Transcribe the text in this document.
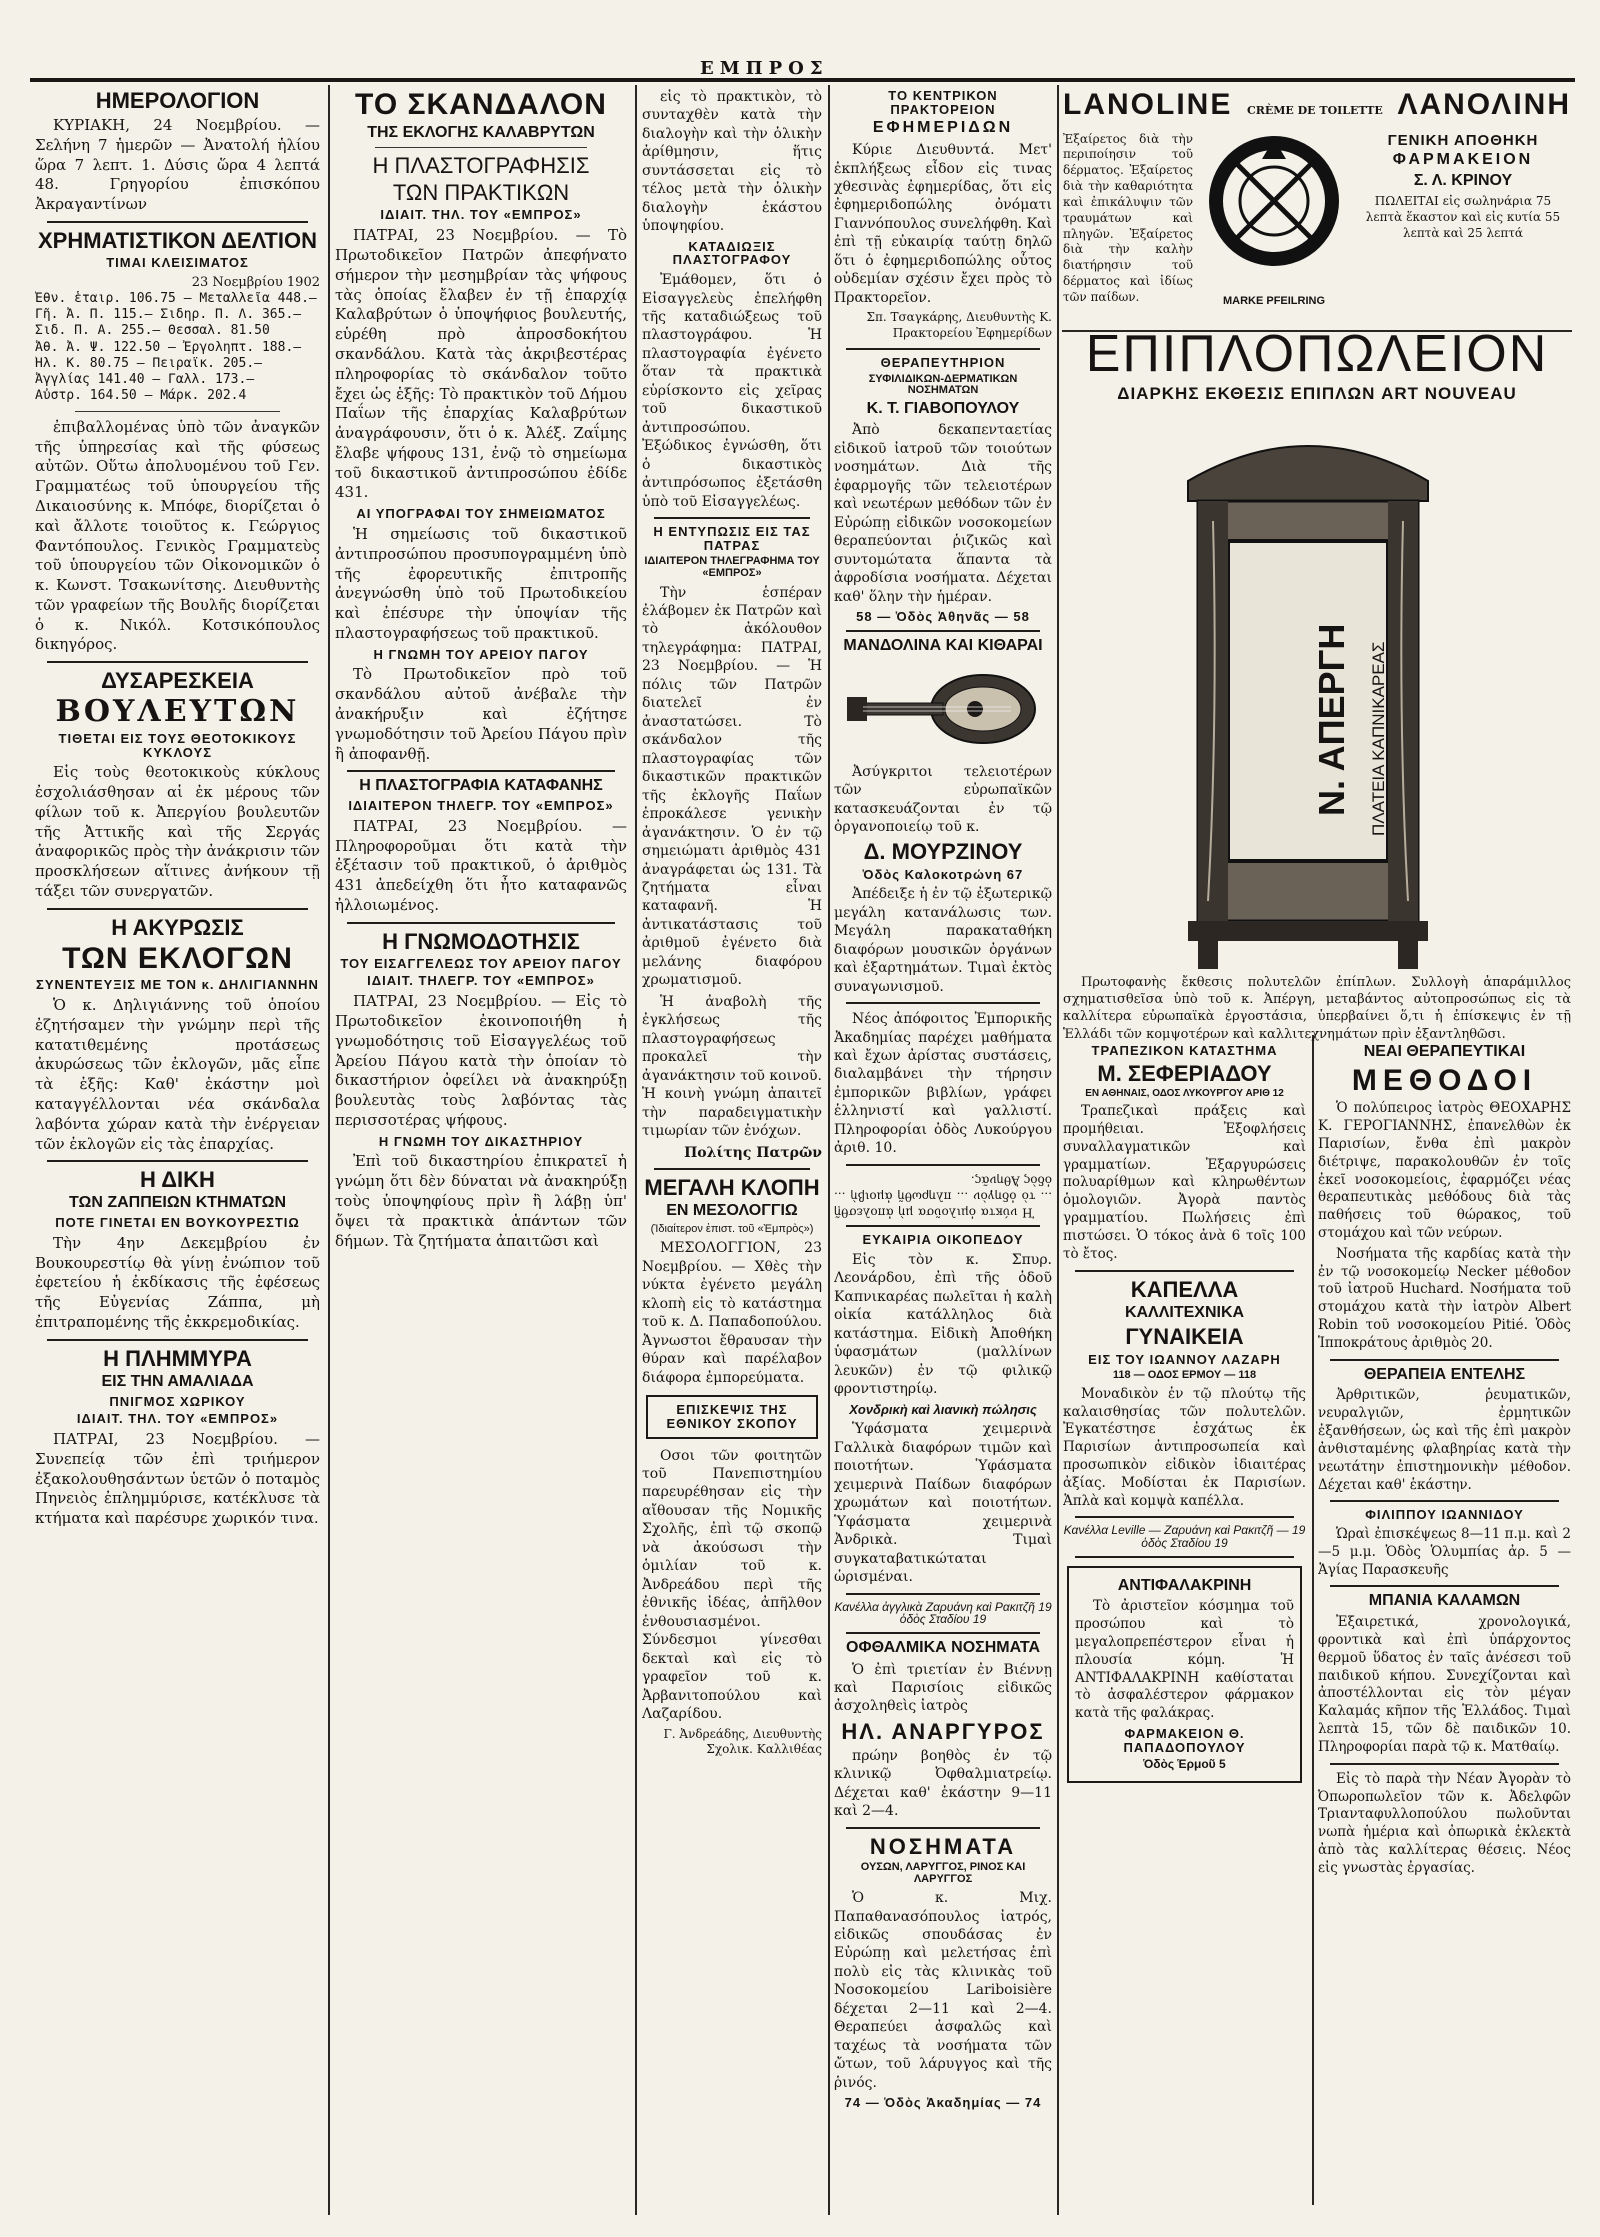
ΕΜΠΡΟΣ
ΗΜΕΡΟΛΟΓΙΟΝ

ΚΥΡΙΑΚΗ, 24 Νοεμβρίου. — Σελήνη 7 ἡμερῶν — Ἀνατολή ἡλίου ὥρα 7 λεπτ. 1. Δύσις ὥρα 4 λεπτά 48. Γρηγορίου ἐπισκόπου Ἀκραγαντίνων

ΧΡΗΜΑΤΙΣΤΙΚΟΝ ΔΕΛΤΙΟΝ
ΤΙΜΑΙ ΚΛΕΙΣΙΜΑΤΟΣ
23 Νοεμβρίου 1902
Ἐθν. ἑταιρ. 106.75 — Μεταλλεῖα 448.—
Γῆ. Ἀ. Π. 115.— Σιδηρ. Π. Λ. 365.—
Σιδ. Π. Α. 255.— Θεσσαλ. 81.50
Ἀθ. Ἀ. Ψ. 122.50 — Ἐργοληπτ. 188.—
Ἠλ. Κ. 80.75 — Πειραϊκ. 205.—
Ἀγγλίας 141.40 — Γαλλ. 173.—
Αὐστρ. 164.50 — Μάρκ. 202.4

ἐπιβαλλομένας ὑπὸ τῶν ἀναγκῶν τῆς ὑπηρεσίας καὶ τῆς φύσεως αὐτῶν. Οὕτω ἀπολυομένου τοῦ Γεν. Γραμματέως τοῦ ὑπουργείου τῆς Δικαιοσύνης κ. Μπόφε, διορίζεται ὁ καὶ ἄλλοτε τοιοῦτος κ. Γεώργιος Φαντόπουλος. Γενικὸς Γραμματεὺς τοῦ ὑπουργείου τῶν Οἰκονομικῶν ὁ κ. Κωνστ. Τσακωνίτσης. Διευθυντὴς τῶν γραφείων τῆς Βουλῆς διορίζεται ὁ κ. Νικόλ. Κοτσικόπουλος δικηγόρος.

ΔΥΣΑΡΕΣΚΕΙΑ
ΒΟΥΛΕΥΤΩΝ
ΤΙΘΕΤΑΙ ΕΙΣ ΤΟΥΣ ΘΕΟΤΟΚΙΚΟΥΣ ΚΥΚΛΟΥΣ

Εἰς τοὺς θεοτοκικοὺς κύκλους ἐσχολιάσθησαν αἱ ἐκ μέρους τῶν φίλων τοῦ κ. Ἀπεργίου βουλευτῶν τῆς Ἀττικῆς καὶ τῆς Σεργάς ἀναφορικῶς πρὸς τὴν ἀνάκρισιν τῶν προσκλήσεων αἵτινες ἀνήκουν τῇ τάξει τῶν συνεργατῶν.

Η ΑΚΥΡΩΣΙΣ
ΤΩΝ ΕΚΛΟΓΩΝ
ΣΥΝΕΝΤΕΥΞΙΣ ΜΕ ΤΟΝ κ. ΔΗΛΙΓΙΑΝΝΗΝ

Ὁ κ. Δηλιγιάννης τοῦ ὁποίου ἐζητήσαμεν τὴν γνώμην περὶ τῆς κατατιθεμένης προτάσεως ἀκυρώσεως τῶν ἐκλογῶν, μᾶς εἶπε τὰ ἑξῆς: Καθ' ἑκάστην μοὶ καταγγέλλονται νέα σκάνδαλα λαβόντα χώραν κατὰ τὴν ἐνέργειαν τῶν ἐκλογῶν εἰς τὰς ἐπαρχίας.

Η ΔΙΚΗ
ΤΩΝ ΖΑΠΠΕΙΩΝ ΚΤΗΜΑΤΩΝ
ΠΟΤΕ ΓΙΝΕΤΑΙ ΕΝ ΒΟΥΚΟΥΡΕΣΤΙΩ

Τὴν 4ην Δεκεμβρίου ἐν Βουκουρεστίῳ θὰ γίνῃ ἐνώπιον τοῦ ἐφετείου ἡ ἐκδίκασις τῆς ἐφέσεως τῆς Εὐγενίας Ζάππα, μὴ ἐπιτραπομένης τῆς ἐκκρεμοδικίας.

Η ΠΛΗΜΜΥΡΑ
ΕΙΣ ΤΗΝ ΑΜΑΛΙΑΔΑ
ΠΝΙΓΜΟΣ ΧΩΡΙΚΟΥ
ΙΔΙΑΙΤ. ΤΗΛ. ΤΟΥ «ΕΜΠΡΟΣ»

ΠΑΤΡΑΙ, 23 Νοεμβρίου. — Συνεπείᾳ τῶν ἐπὶ τριήμερον ἐξακολουθησάντων ὑετῶν ὁ ποταμὸς Πηνειὸς ἐπλημμύρισε, κατέκλυσε τὰ κτήματα καὶ παρέσυρε χωρικόν τινα.

ΤΟ ΣΚΑΝΔΑΛΟΝ
ΤΗΣ ΕΚΛΟΓΗΣ ΚΑΛΑΒΡΥΤΩΝ
Η ΠΛΑΣΤΟΓΡΑΦΗΣΙΣ
ΤΩΝ ΠΡΑΚΤΙΚΩΝ
ΙΔΙΑΙΤ. ΤΗΛ. ΤΟΥ «ΕΜΠΡΟΣ»

ΠΑΤΡΑΙ, 23 Νοεμβρίου. — Τὸ Πρωτοδικεῖον Πατρῶν ἀπεφήνατο σήμερον τὴν μεσημβρίαν τὰς ψήφους τὰς ὁποίας ἔλαβεν ἐν τῇ ἐπαρχίᾳ Καλαβρύτων ὁ ὑποψήφιος βουλευτής, εὑρέθη πρὸ ἀπροσδοκήτου σκανδάλου. Κατὰ τὰς ἀκριβεστέρας πληροφορίας τὸ σκάνδαλον τοῦτο ἔχει ὡς ἑξῆς: Τὸ πρακτικὸν τοῦ Δήμου Παΐων τῆς ἐπαρχίας Καλαβρύτων ἀναγράφουσιν, ὅτι ὁ κ. Ἀλέξ. Ζαΐμης ἔλαβε ψήφους 131, ἐνῷ τὸ σημείωμα τοῦ δικαστικοῦ ἀντιπροσώπου ἐδίδε 431.

ΑΙ ΥΠΟΓΡΑΦΑΙ ΤΟΥ ΣΗΜΕΙΩΜΑΤΟΣ

Ἡ σημείωσις τοῦ δικαστικοῦ ἀντιπροσώπου προσυπογραμμένη ὑπὸ τῆς ἐφορευτικῆς ἐπιτροπῆς ἀνεγνώσθη ὑπὸ τοῦ Πρωτοδικείου καὶ ἐπέσυρε τὴν ὑποψίαν τῆς πλαστογραφήσεως τοῦ πρακτικοῦ.

Η ΓΝΩΜΗ ΤΟΥ ΑΡΕΙΟΥ ΠΑΓΟΥ

Τὸ Πρωτοδικεῖον πρὸ τοῦ σκανδάλου αὐτοῦ ἀνέβαλε τὴν ἀνακήρυξιν καὶ ἐζήτησε γνωμοδότησιν τοῦ Ἀρείου Πάγου πρὶν ἢ ἀποφανθῇ.

Η ΠΛΑΣΤΟΓΡΑΦΙΑ ΚΑΤΑΦΑΝΗΣ
ΙΔΙΑΙΤΕΡΟΝ ΤΗΛΕΓΡ. ΤΟΥ «ΕΜΠΡΟΣ»

ΠΑΤΡΑΙ, 23 Νοεμβρίου. — Πληροφοροῦμαι ὅτι κατὰ τὴν ἐξέτασιν τοῦ πρακτικοῦ, ὁ ἀριθμὸς 431 ἀπεδείχθη ὅτι ἦτο καταφανῶς ἠλλοιωμένος.

Η ΓΝΩΜΟΔΟΤΗΣΙΣ
ΤΟΥ ΕΙΣΑΓΓΕΛΕΩΣ ΤΟΥ ΑΡΕΙΟΥ ΠΑΓΟΥ
ΙΔΙΑΙΤ. ΤΗΛΕΓΡ. ΤΟΥ «ΕΜΠΡΟΣ»

ΠΑΤΡΑΙ, 23 Νοεμβρίου. — Εἰς τὸ Πρωτοδικεῖον ἐκοινοποιήθη ἡ γνωμοδότησις τοῦ Εἰσαγγελέως τοῦ Ἀρείου Πάγου κατὰ τὴν ὁποίαν τὸ δικαστήριον ὀφείλει νὰ ἀνακηρύξῃ βουλευτὰς τοὺς λαβόντας τὰς περισσοτέρας ψήφους.

Η ΓΝΩΜΗ ΤΟΥ ΔΙΚΑΣΤΗΡΙΟΥ

Ἐπὶ τοῦ δικαστηρίου ἐπικρατεῖ ἡ γνώμη ὅτι δὲν δύναται νὰ ἀνακηρύξῃ τοὺς ὑποψηφίους πρὶν ἢ λάβῃ ὑπ' ὄψει τὰ πρακτικὰ ἁπάντων τῶν δήμων. Τὰ ζητήματα ἀπαιτῶσι καὶ

εἰς τὸ πρακτικὸν, τὸ συνταχθὲν κατὰ τὴν διαλογὴν καὶ τὴν ὁλικὴν ἀρίθμησιν, ἥτις συντάσσεται εἰς τὸ τέλος μετὰ τὴν ὁλικὴν διαλογὴν ἑκάστου ὑποψηφίου.

ΚΑΤΑΔΙΩΞΙΣ ΠΛΑΣΤΟΓΡΑΦΟΥ

Ἐμάθομεν, ὅτι ὁ Εἰσαγγελεὺς ἐπελήφθη τῆς καταδιώξεως τοῦ πλαστογράφου. Ἡ πλαστογραφία ἐγένετο ὅταν τὰ πρακτικὰ εὑρίσκοντο εἰς χεῖρας τοῦ δικαστικοῦ ἀντιπροσώπου. Ἐξώδικος ἐγνώσθη, ὅτι ὁ δικαστικὸς ἀντιπρόσωπος ἐξετάσθη ὑπὸ τοῦ Εἰσαγγελέως.

Η ΕΝΤΥΠΩΣΙΣ ΕΙΣ ΤΑΣ ΠΑΤΡΑΣ
ΙΔΙΑΙΤΕΡΟΝ ΤΗΛΕΓΡΑΦΗΜΑ ΤΟΥ «ΕΜΠΡΟΣ»

Τὴν ἑσπέραν ἐλάβομεν ἐκ Πατρῶν καὶ τὸ ἀκόλουθον τηλεγράφημα: ΠΑΤΡΑΙ, 23 Νοεμβρίου. — Ἡ πόλις τῶν Πατρῶν διατελεῖ ἐν ἀναστατώσει. Τὸ σκάνδαλον τῆς πλαστογραφίας τῶν δικαστικῶν πρακτικῶν τῆς ἐκλογῆς Παΐων ἐπροκάλεσε γενικὴν ἀγανάκτησιν. Ὁ ἐν τῷ σημειώματι ἀριθμὸς 431 ἀναγράφεται ὡς 131. Τὰ ζητήματα εἶναι καταφανῆ. Ἡ ἀντικατάστασις τοῦ ἀριθμοῦ ἐγένετο διὰ μελάνης διαφόρου χρωματισμοῦ.

Ἡ ἀναβολὴ τῆς ἐγκλήσεως τῆς πλαστογραφήσεως προκαλεῖ τὴν ἀγανάκτησιν τοῦ κοινοῦ. Ἡ κοινὴ γνώμη ἀπαιτεῖ τὴν παραδειγματικὴν τιμωρίαν τῶν ἐνόχων.

Πολίτης Πατρῶν
ΜΕΓΑΛΗ ΚΛΟΠΗ
ΕΝ ΜΕΣΟΛΟΓΓΙΩ
(Ἰδιαίτερον ἐπιστ. τοῦ «Ἐμπρὸς»)

ΜΕΣΟΛΟΓΓΙΟΝ, 23 Νοεμβρίου. — Χθὲς τὴν νύκτα ἐγένετο μεγάλη κλοπὴ εἰς τὸ κατάστημα τοῦ κ. Δ. Παπαδοπούλου. Ἀγνωστοι ἔθραυσαν τὴν θύραν καὶ παρέλαβον διάφορα ἐμπορεύματα.

ΕΠΙΣΚΕΨΙΣ ΤΗΣ ΕΘΝΙΚΟΥ ΣΚΟΠΟΥ

Οσοι τῶν φοιτητῶν τοῦ Πανεπιστημίου παρευρέθησαν εἰς τὴν αἴθουσαν τῆς Νομικῆς Σχολῆς, ἐπὶ τῷ σκοπῷ νὰ ἀκούσωσι τὴν ὁμιλίαν τοῦ κ. Ἀνδρεάδου περὶ τῆς ἐθνικῆς ἰδέας, ἀπῆλθον ἐνθουσιασμένοι. Σύνδεσμοι γίνεσθαι δεκταὶ καὶ εἰς τὸ γραφεῖον τοῦ κ. Ἀρβανιτοπούλου καὶ Λαζαρίδου.

Γ. Ἀνδρεάδης, Διευθυντὴς Σχολικ. Καλλιθέας
ΤΟ ΚΕΝΤΡΙΚΟΝ ΠΡΑΚΤΟΡΕΙΟΝ
ΕΦΗΜΕΡΙΔΩΝ

Κύριε Διευθυντά. Μετ' ἐκπλήξεως εἶδον εἰς τινας χθεσινὰς ἐφημερίδας, ὅτι εἰς ἐφημεριδοπώλης ὀνόματι Γιαννόπουλος συνελήφθη. Καὶ ἐπὶ τῇ εὐκαιρίᾳ ταύτῃ δηλῶ ὅτι ὁ ἐφημεριδοπώλης οὗτος οὐδεμίαν σχέσιν ἔχει πρὸς τὸ Πρακτορεῖον.

Σπ. Τσαγκάρης, Διευθυντὴς Κ. Πρακτορείου Ἐφημερίδων
ΘΕΡΑΠΕΥΤΗΡΙΟΝ
ΣΥΦΙΛΙΔΙΚΩΝ-ΔΕΡΜΑΤΙΚΩΝ ΝΟΣΗΜΑΤΩΝ
Κ. Τ. ΓΙΑΒΟΠΟΥΛΟΥ

Ἀπὸ δεκαπενταετίας εἰδικοῦ ἰατροῦ τῶν τοιούτων νοσημάτων. Διὰ τῆς ἐφαρμογῆς τῶν τελειοτέρων καὶ νεωτέρων μεθόδων τῶν ἐν Εὐρώπῃ εἰδικῶν νοσοκομείων θεραπεύονται ῥιζικῶς καὶ συντομώτατα ἅπαντα τὰ ἀφροδίσια νοσήματα. Δέχεται καθ' ὅλην τὴν ἡμέραν.

58 — Ὁδὸς Ἀθηνᾶς — 58
ΜΑΝΔΟΛΙΝΑ ΚΑΙ ΚΙΘΑΡΑΙ

Ἀσύγκριτοι τελειοτέρων τῶν εὐρωπαϊκῶν κατασκευάζονται ἐν τῷ ὀργανοποιείῳ τοῦ κ.

Δ. ΜΟΥΡΖΙΝΟΥ
Ὁδὸς Καλοκοτρώνη 67

Ἀπέδειξε ἡ ἐν τῷ ἐξωτερικῷ μεγάλη κατανάλωσις των. Μεγάλη παρακαταθήκη διαφόρων μουσικῶν ὀργάνων καὶ ἐξαρτημάτων. Τιμαὶ ἐκτὸς συναγωνισμοῦ.

Νέος ἀπόφοιτος Ἐμπορικῆς Ἀκαδημίας παρέχει μαθήματα καὶ ἔχων ἀρίστας συστάσεις, διαλαμβάνει τὴν τήρησιν ἐμπορικῶν βιβλίων, γράφει ἑλληνιστί καὶ γαλλιστί. Πληροφορίαι ὁδὸς Λυκούργου ἀριθ. 10.

Ἡ νύκτα ὁμιλοῦσα μὴ ἀπολεσθῇ ... τὸ ὁδηγὸν ... πληρωθῆ ἀμοιβὴ ... ὁδὸς Ἀθηνᾶς.

ΕΥΚΑΙΡΙΑ ΟΙΚΟΠΕΔΟΥ

Εἰς τὸν κ. Σπυρ. Λεονάρδου, ἐπὶ τῆς ὁδοῦ Καπνικαρέας πωλεῖται ἡ καλὴ οἰκία κατάλληλος διὰ κατάστημα. Εἰδικὴ Ἀποθήκη ὑφασμάτων (μαλλίνων λευκῶν) ἐν τῷ φιλικῷ φροντιστηρίῳ.

Χονδρικὴ καὶ λιανικὴ πώλησις

Ὑφάσματα χειμερινὰ Γαλλικὰ διαφόρων τιμῶν καὶ ποιοτήτων. Ὑφάσματα χειμερινὰ Παίδων διαφόρων χρωμάτων καὶ ποιοτήτων. Ὑφάσματα χειμερινὰ Ἀνδρικὰ. Τιμαὶ συγκαταβατικώταται ὡρισμέναι.

Κανέλλα ἀγγλικὰ Ζαρυάνη καὶ Ρακιτζῆ 19 ὁδὸς Σταδίου 19
ΟΦΘΑΛΜΙΚΑ ΝΟΣΗΜΑΤΑ

Ὁ ἐπὶ τριετίαν ἐν Βιέννῃ καὶ Παρισίοις εἰδικῶς ἀσχοληθεὶς ἰατρὸς

ΗΛ. ΑΝΑΡΓΥΡΟΣ

πρώην βοηθὸς ἐν τῷ κλινικῷ Ὀφθαλμιατρείῳ. Δέχεται καθ' ἑκάστην 9—11 καὶ 2—4.

ΝΟΣΗΜΑΤΑ
ΟΥΣΩΝ, ΛΑΡΥΓΓΟΣ, ΡΙΝΟΣ ΚΑΙ ΛΑΡΥΓΓΟΣ

Ὁ κ. Μιχ. Παπαθανασόπουλος ἰατρός, εἰδικῶς σπουδάσας ἐν Εὐρώπῃ καὶ μελετήσας ἐπὶ πολὺ εἰς τὰς κλινικὰς τοῦ Νοσοκομείου Lariboisière δέχεται 2—11 καὶ 2—4. Θεραπεύει ἀσφαλῶς καὶ ταχέως τὰ νοσήματα τῶν ὤτων, τοῦ λάρυγγος καὶ τῆς ῥινός.

74 — Ὁδὸς Ἀκαδημίας — 74
LANOLINE CRÈME DE TOILETTE ΛΑΝΟΛΙΝΗ

Ἐξαίρετος διὰ τὴν περιποίησιν τοῦ δέρματος. Ἐξαίρετος διὰ τὴν καθαριότητα καὶ ἐπικάλυψιν τῶν τραυμάτων καὶ πληγῶν. Ἐξαίρετος διὰ τὴν καλὴν διατήρησιν τοῦ δέρματος καὶ ἰδίως τῶν παίδων.	MARKE PFEILRING
ΓΕΝΙΚΗ ΑΠΟΘΗΚΗ
ΦΑΡΜΑΚΕΙΟΝ
Σ. Λ. ΚΡΙΝΟΥ

ΠΩΛΕΙΤΑΙ εἰς σωληνάρια 75 λεπτὰ ἕκαστον καὶ εἰς κυτία 55 λεπτὰ καὶ 25 λεπτά

ΕΠΙΠΛΟΠΩΛΕΙΟΝ
ΔΙΑΡΚΗΣ ΕΚΘΕΣΙΣ ΕΠΙΠΛΩΝ ART NOUVEAU
Ν. ΑΠΕΡΓΗ ΠΛΑΤΕΙΑ ΚΑΠΝΙΚΑΡΕΑΣ

Πρωτοφανὴς ἔκθεσις πολυτελῶν ἐπίπλων. Συλλογὴ ἀπαράμιλλος σχηματισθεῖσα ὑπὸ τοῦ κ. Ἀπέργη, μεταβάντος αὐτοπροσώπως εἰς τὰ καλλίτερα εὐρωπαϊκὰ ἐργοστάσια, ὑπερβαίνει ὅ,τι ἡ ἐπίσκεψις ἐν τῇ Ἑλλάδι τῶν κομψοτέρων καὶ καλλιτεχνημάτων πρὶν ἐξαντληθῶσι.

ΤΡΑΠΕΖΙΚΟΝ ΚΑΤΑΣΤΗΜΑ
Μ. ΣΕΦΕΡΙΑΔΟΥ
ΕΝ ΑΘΗΝΑΙΣ, ΟΔΟΣ ΛΥΚΟΥΡΓΟΥ ΑΡΙΘ 12

Τραπεζικαὶ πράξεις καὶ προμήθειαι. Ἐξοφλήσεις συναλλαγματικῶν καὶ γραμματίων. Ἐξαργυρώσεις πολυαρίθμων καὶ κληρωθέντων ὁμολογιῶν. Ἀγορὰ παντὸς γραμματίου. Πωλήσεις ἐπὶ πιστώσει. Ὁ τόκος ἀνὰ 6 τοῖς 100 τὸ ἔτος.

ΚΑΠΕΛΛΑ
ΚΑΛΛΙΤΕΧΝΙΚΑ
ΓΥΝΑΙΚΕΙΑ
ΕΙΣ ΤΟΥ ΙΩΑΝΝΟΥ ΛΑΖΑΡΗ
118 — ΟΔΟΣ ΕΡΜΟΥ — 118

Μοναδικὸν ἐν τῷ πλούτῳ τῆς καλαισθησίας τῶν πολυτελῶν. Ἐγκατέστησε ἐσχάτως ἐκ Παρισίων ἀντιπροσωπεία καὶ προσωπικὸν εἰδικὸν ἰδιαιτέρας ἀξίας. Μοδίσται ἐκ Παρισίων. Ἁπλὰ καὶ κομψὰ καπέλλα.

Κανέλλα Leville — Ζαρυάνη καὶ Ρακιτζῆ — 19 ὁδὸς Σταδίου 19
ΑΝΤΙΦΑΛΑΚΡΙΝΗ

Τὸ ἀριστεῖον κόσμημα τοῦ προσώπου καὶ τὸ μεγαλοπρεπέστερον εἶναι ἡ πλουσία κόμη. Ἡ ΑΝΤΙΦΑΛΑΚΡΙΝΗ καθίσταται τὸ ἀσφαλέστερον φάρμακον κατὰ τῆς φαλάκρας.

ΦΑΡΜΑΚΕΙΟΝ Θ. ΠΑΠΑΔΟΠΟΥΛΟΥ
Ὁδὸς Ἑρμοῦ 5
ΝΕΑΙ ΘΕΡΑΠΕΥΤΙΚΑΙ
ΜΕΘΟΔΟΙ

Ὁ πολύπειρος ἰατρὸς ΘΕΟΧΑΡΗΣ Κ. ΓΕΡΟΓΙΑΝΝΗΣ, ἐπανελθὼν ἐκ Παρισίων, ἔνθα ἐπὶ μακρὸν διέτριψε, παρακολουθῶν ἐν τοῖς ἐκεῖ νοσοκομείοις, ἐφαρμόζει νέας θεραπευτικὰς μεθόδους διὰ τὰς παθήσεις τοῦ θώρακος, τοῦ στομάχου καὶ τῶν νεύρων.

Νοσήματα τῆς καρδίας κατὰ τὴν ἐν τῷ νοσοκομείῳ Necker μέθοδον τοῦ ἰατροῦ Huchard. Νοσήματα τοῦ στομάχου κατὰ τὴν ἰατρὸν Albert Robin τοῦ νοσοκομείου Pitié. Ὁδὸς Ἱπποκράτους ἀριθμὸς 20.

ΘΕΡΑΠΕΙΑ ΕΝΤΕΛΗΣ

Ἀρθριτικῶν, ῥευματικῶν, νευραλγιῶν, ἐρμητικῶν ἐξανθήσεων, ὡς καὶ τῆς ἐπὶ μακρὸν ἀνθισταμένης φλαβηρίας κατὰ τὴν νεωτάτην ἐπιστημονικὴν μέθοδον. Δέχεται καθ' ἑκάστην.

ΦΙΛΙΠΠΟΥ ΙΩΑΝΝΙΔΟΥ

Ὡραὶ ἐπισκέψεως 8—11 π.μ. καὶ 2—5 μ.μ. Ὁδὸς Ὁλυμπίας ἀρ. 5 — Ἁγίας Παρασκευῆς

ΜΠΑΝΙΑ ΚΑΛΑΜΩΝ

Ἐξαιρετικά, χρονολογικά, φροντικὰ καὶ ἐπὶ ὑπάρχοντος θερμοῦ ὕδατος ἐν ταῖς ἀνέσεσι τοῦ παιδικοῦ κήπου. Συνεχίζονται καὶ ἀποστέλλονται εἰς τὸν μέγαν Καλαμάς κῆπον τῆς Ἑλλάδος. Τιμαὶ λεπτὰ 15, τῶν δὲ παιδικῶν 10. Πληροφορίαι παρὰ τῷ κ. Ματθαίῳ.

Εἰς τὸ παρὰ τὴν Νέαν Ἀγορὰν τὸ Ὀπωροπωλεῖον τῶν κ. Ἀδελφῶν Τριανταφυλλοπούλου πωλοῦνται νωπὰ ἡμέρια καὶ ὀπωρικὰ ἐκλεκτὰ ἀπὸ τὰς καλλίτερας θέσεις. Νέος εἰς γνωστὰς ἐργασίας.
